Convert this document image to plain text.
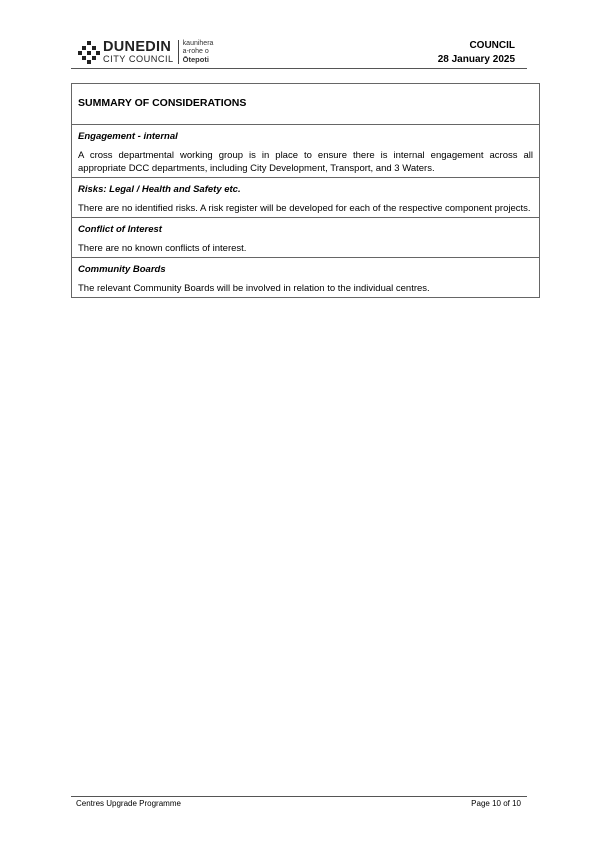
DUNEDIN
CITY COUNCIL
kaunihera
a-rohe o
Ōtepoti
COUNCIL
28 January 2025
SUMMARY OF CONSIDERATIONS
Engagement - internal
A cross departmental working group is in place to ensure there is internal engagement across all appropriate DCC departments, including City Development, Transport, and 3 Waters.
Risks: Legal / Health and Safety etc.
There are no identified risks. A risk register will be developed for each of the respective component projects.
Conflict of Interest
There are no known conflicts of interest.
Community Boards
The relevant Community Boards will be involved in relation to the individual centres.
Centres Upgrade Programme	Page 10 of 10
